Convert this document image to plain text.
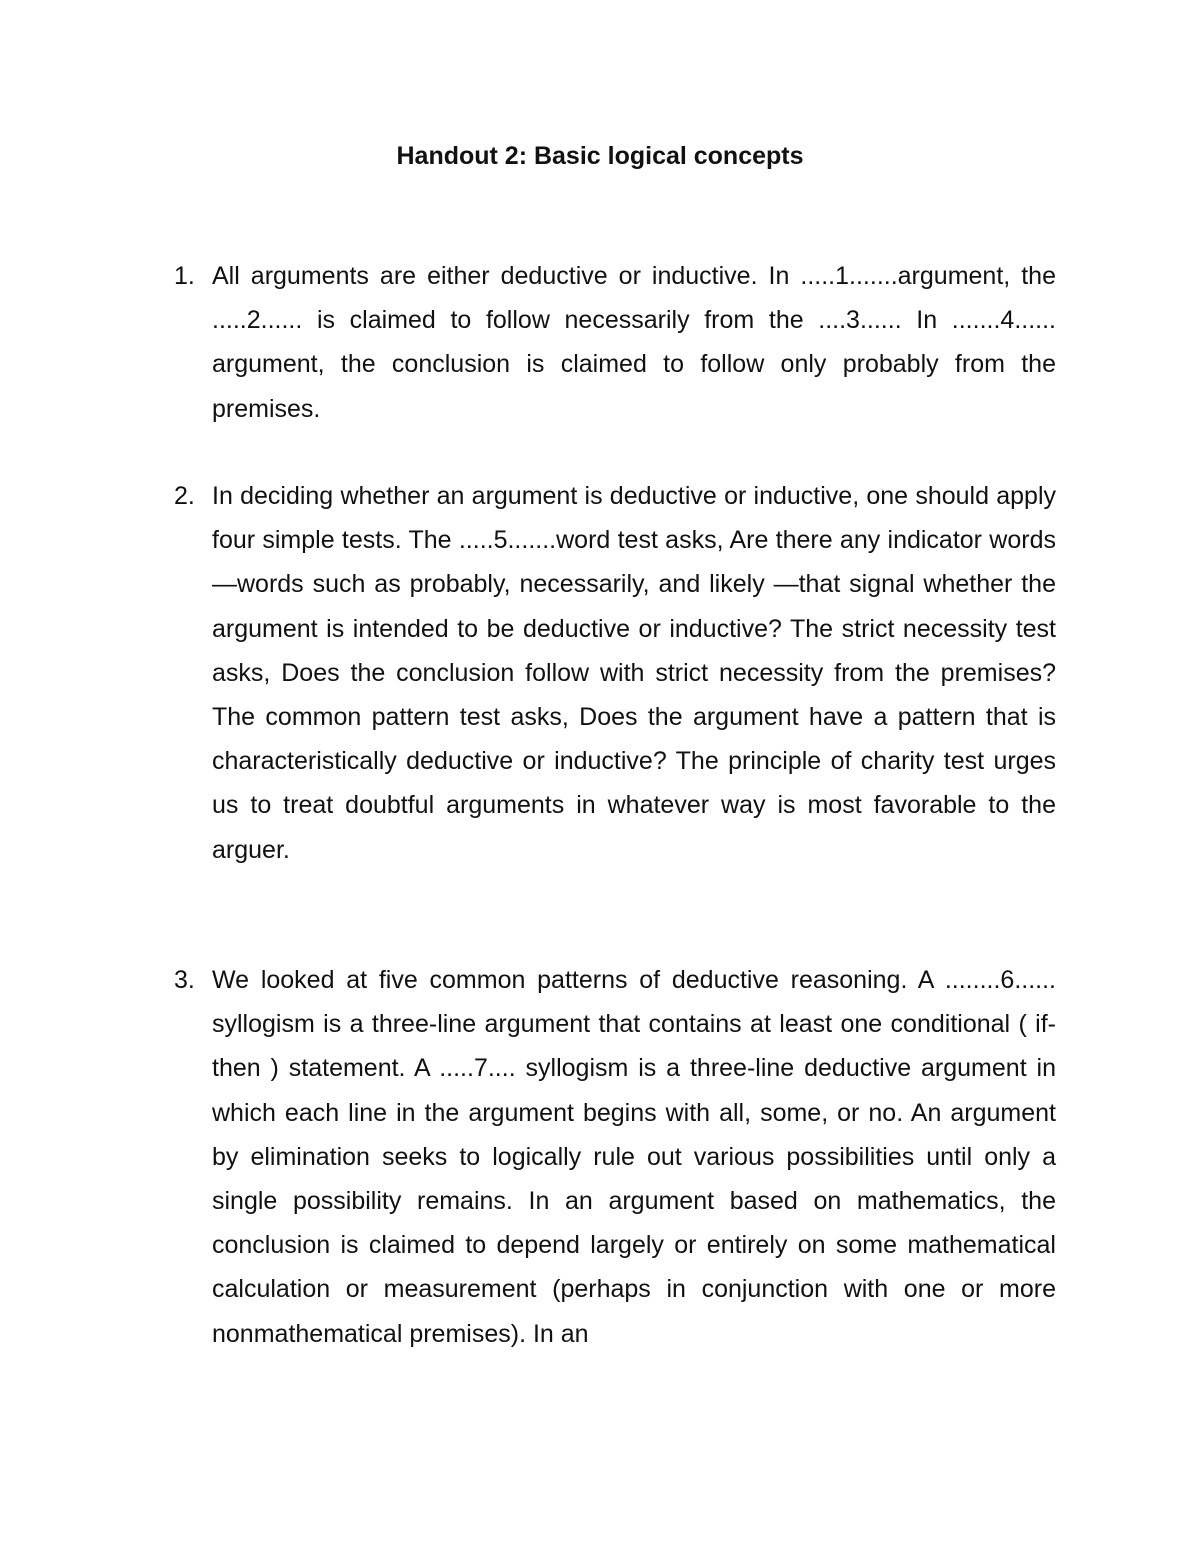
Handout 2: Basic logical concepts
1. All arguments are either deductive or inductive. In .....1.......argument, the .....2...... is claimed to follow necessarily from the ....3...... In .......4...... argument, the conclusion is claimed to follow only probably from the premises.
2. In deciding whether an argument is deductive or inductive, one should apply four simple tests. The .....5.......word test asks, Are there any indicator words—words such as probably, necessarily, and likely —that signal whether the argument is intended to be deductive or inductive? The strict necessity test asks, Does the conclusion follow with strict necessity from the premises? The common pattern test asks, Does the argument have a pattern that is characteristically deductive or inductive? The principle of charity test urges us to treat doubtful arguments in whatever way is most favorable to the arguer.
3. We looked at five common patterns of deductive reasoning. A ........6...... syllogism is a three-line argument that contains at least one conditional ( if-then ) statement. A .....7.... syllogism is a three-line deductive argument in which each line in the argument begins with all, some, or no. An argument by elimination seeks to logically rule out various possibilities until only a single possibility remains. In an argument based on mathematics, the conclusion is claimed to depend largely or entirely on some mathematical calculation or measurement (perhaps in conjunction with one or more nonmathematical premises). In an
